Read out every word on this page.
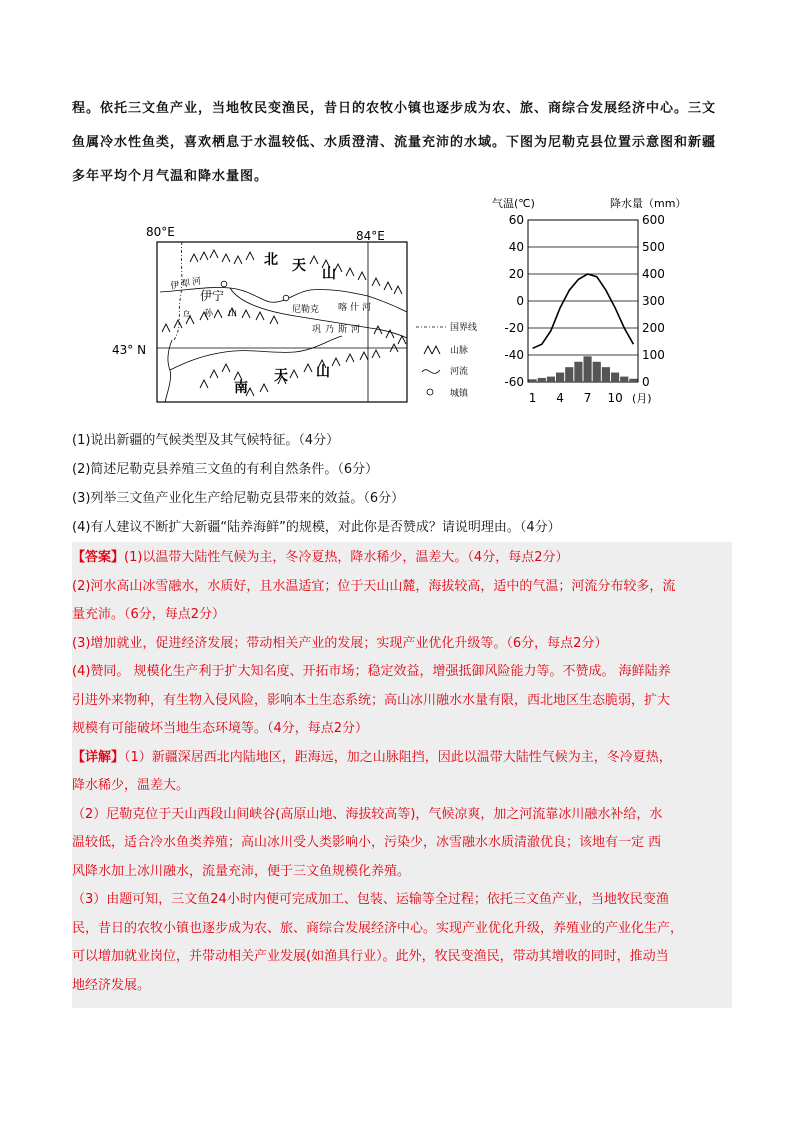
程。依托三文鱼产业，当地牧民变渔民，昔日的农牧小镇也逐步成为农、旅、商综合发展经济中心。三文

鱼属冷水性鱼类，喜欢栖息于水温较低、水质澄清、流量充沛的水域。下图为尼勒克县位置示意图和新疆

多年平均个月气温和降水量图。

80°E	84°E
43° N
北 天 山
伊犁河
伊宁
乌 孙 山	尼勒克 喀什河
巩乃斯河
南
天 山
国界线
山脉
河流
城镇
气温(℃)	降水量（mm）
60
40
20
0
-20
-40
-60
600
500
400
300
200
100
0
1 4 7 10 (月)

(1)说出新疆的气候类型及其气候特征。（4分）

(2)简述尼勒克县养殖三文鱼的有利自然条件。（6分）

(3)列举三文鱼产业化生产给尼勒克县带来的效益。（6分）

(4)有人建议不断扩大新疆“陆养海鲜”的规模，对此你是否赞成？请说明理由。（4分）

【答案】(1)以温带大陆性气候为主，冬冷夏热，降水稀少，温差大。（4分，每点2分）

(2)河水高山冰雪融水，水质好，且水温适宜；位于天山山麓，海拔较高，适中的气温；河流分布较多，流

量充沛。（6分，每点2分）

(3)增加就业，促进经济发展；带动相关产业的发展；实现产业优化升级等。（6分，每点2分）

(4)赞同。 规模化生产利于扩大知名度、开拓市场；稳定效益，增强抵御风险能力等。不赞成。 海鲜陆养

引进外来物种，有生物入侵风险，影响本土生态系统；高山冰川融水水量有限，西北地区生态脆弱，扩大

规模有可能破坏当地生态环境等。（4分，每点2分）

【详解】（1）新疆深居西北内陆地区，距海远，加之山脉阻挡，因此以温带大陆性气候为主，冬冷夏热，

降水稀少，温差大。

（2）尼勒克位于天山西段山间峡谷(高原山地、海拔较高等)，气候凉爽，加之河流靠冰川融水补给，水

温较低，适合冷水鱼类养殖；高山冰川受人类影响小，污染少，冰雪融水水质清澈优良；该地有一定 西

风降水加上冰川融水，流量充沛，便于三文鱼规模化养殖。

（3）由题可知，三文鱼24小时内便可完成加工、包装、运输等全过程；依托三文鱼产业，当地牧民变渔

民，昔日的农牧小镇也逐步成为农、旅、商综合发展经济中心。实现产业优化升级，养殖业的产业化生产，

可以增加就业岗位，并带动相关产业发展(如渔具行业）。此外，牧民变渔民，带动其增收的同时，推动当

地经济发展。
